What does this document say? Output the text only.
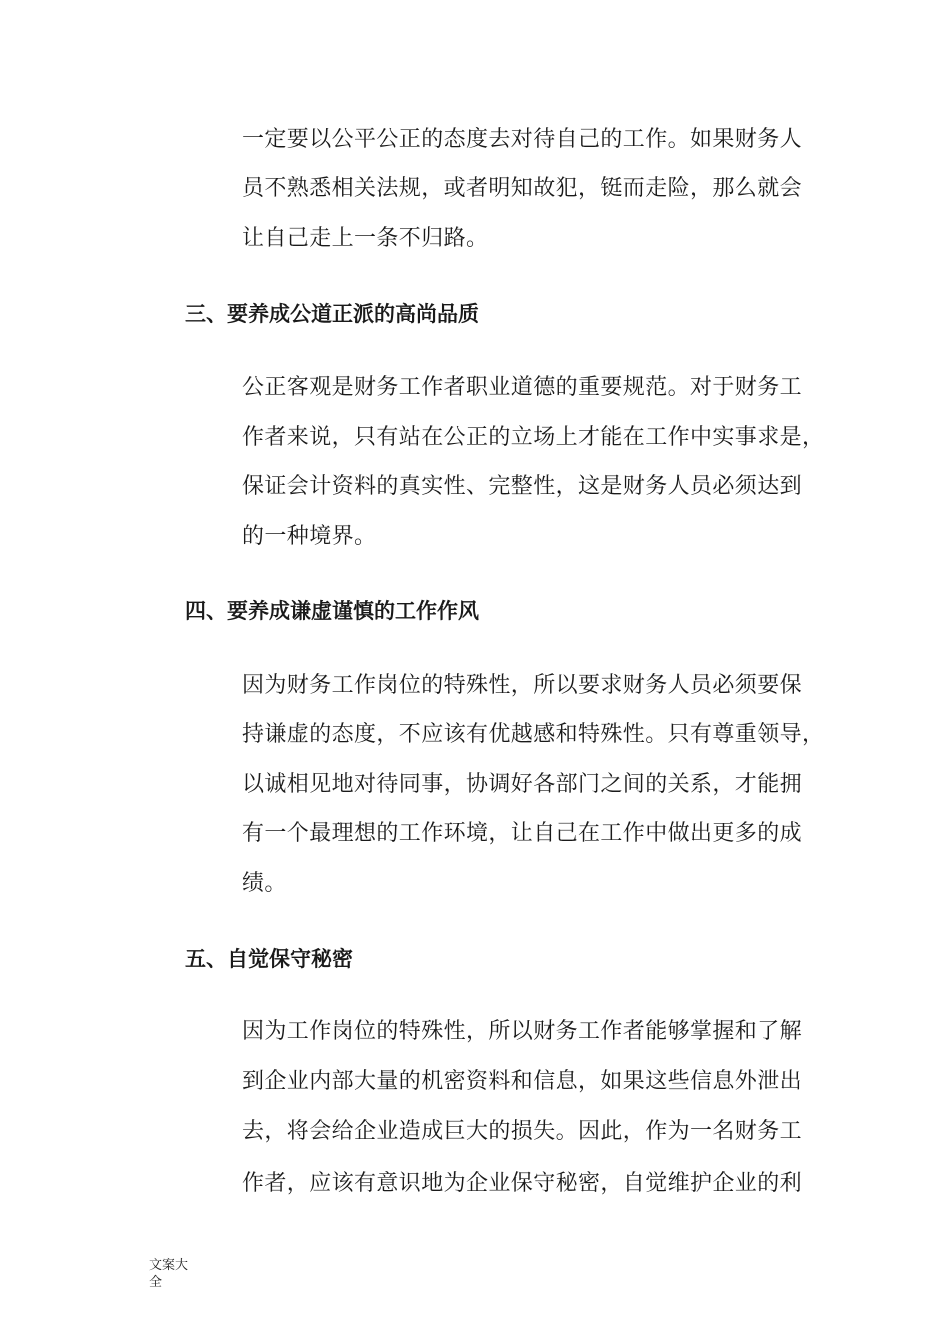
一定要以公平公正的态度去对待自己的工作。如果财务人
员不熟悉相关法规，或者明知故犯，铤而走险，那么就会
让自己走上一条不归路。
三、要养成公道正派的高尚品质
公正客观是财务工作者职业道德的重要规范。对于财务工
作者来说，只有站在公正的立场上才能在工作中实事求是，
保证会计资料的真实性、完整性，这是财务人员必须达到
的一种境界。
四、要养成谦虚谨慎的工作作风
因为财务工作岗位的特殊性，所以要求财务人员必须要保
持谦虚的态度，不应该有优越感和特殊性。只有尊重领导，
以诚相见地对待同事，协调好各部门之间的关系，才能拥
有一个最理想的工作环境，让自己在工作中做出更多的成
绩。
五、自觉保守秘密
因为工作岗位的特殊性，所以财务工作者能够掌握和了解
到企业内部大量的机密资料和信息，如果这些信息外泄出
去，将会给企业造成巨大的损失。因此，作为一名财务工
作者，应该有意识地为企业保守秘密，自觉维护企业的利
文案大全
